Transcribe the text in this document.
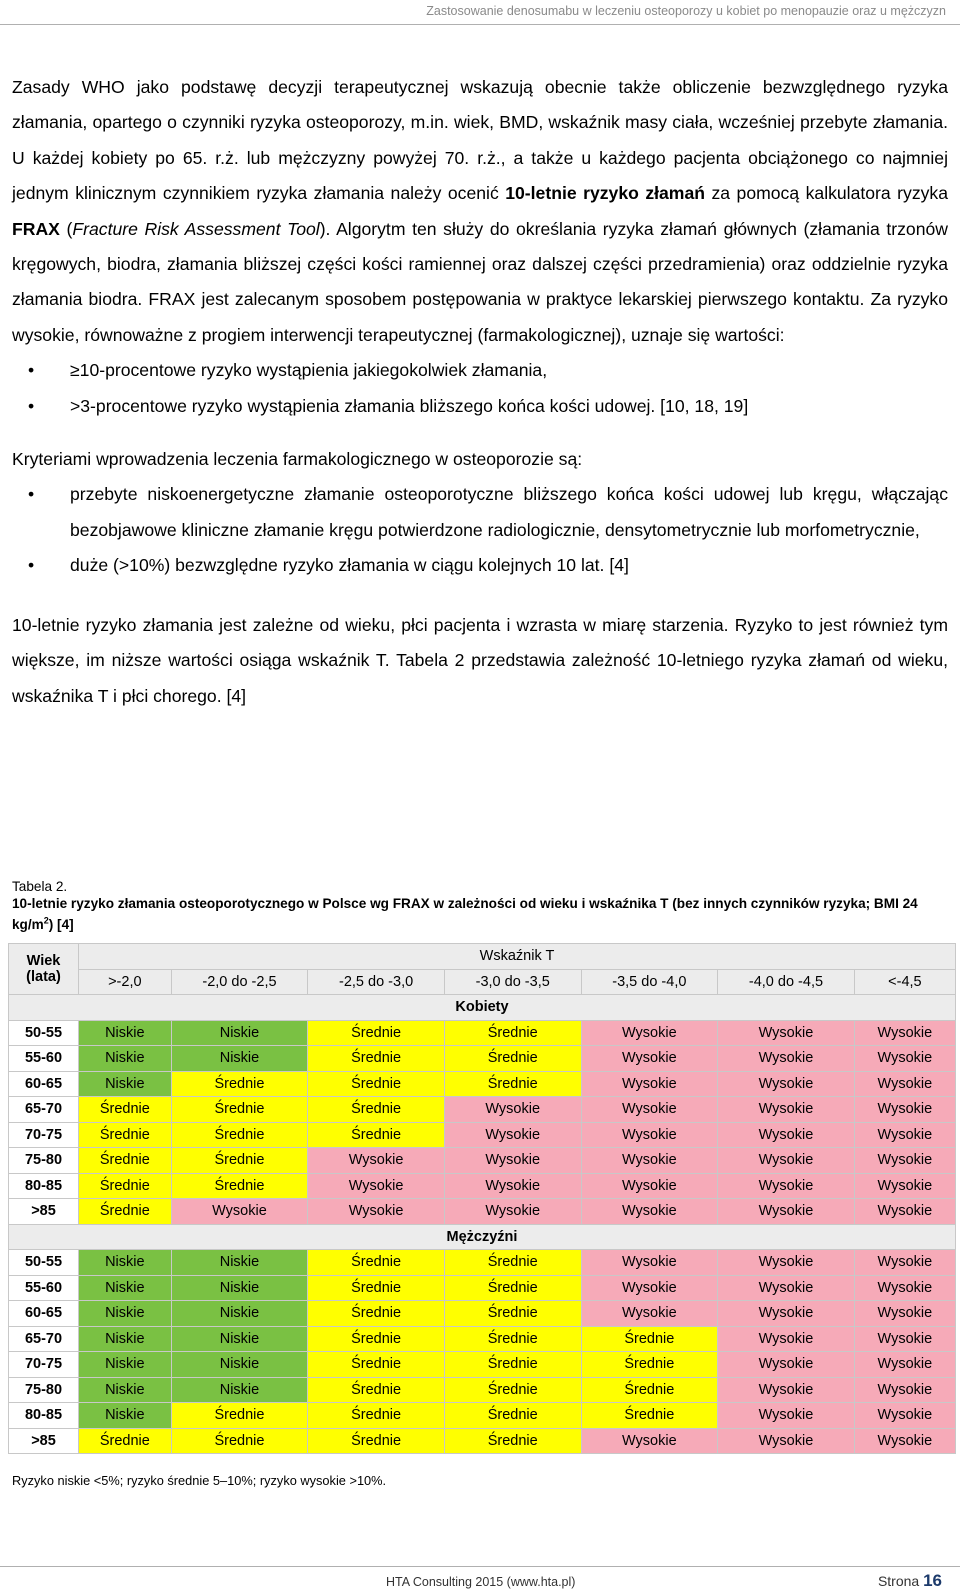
Zastosowanie denosumabu w leczeniu osteoporozy u kobiet po menopauzie oraz u mężczyzn

Zasady WHO jako podstawę decyzji terapeutycznej wskazują obecnie także obliczenie bezwzględnego ryzyka złamania, opartego o czynniki ryzyka osteoporozy, m.in. wiek, BMD, wskaźnik masy ciała, wcześniej przebyte złamania. U każdej kobiety po 65. r.ż. lub mężczyzny powyżej 70. r.ż., a także u każdego pacjenta obciążonego co najmniej jednym klinicznym czynnikiem ryzyka złamania należy ocenić 10-letnie ryzyko złamań za pomocą kalkulatora ryzyka FRAX (Fracture Risk Assessment Tool). Algorytm ten służy do określania ryzyka złamań głównych (złamania trzonów kręgowych, biodra, złamania bliższej części kości ramiennej oraz dalszej części przedramienia) oraz oddzielnie ryzyka złamania biodra. FRAX jest zalecanym sposobem postępowania w praktyce lekarskiej pierwszego kontaktu. Za ryzyko wysokie, równoważne z progiem interwencji terapeutycznej (farmakologicznej), uznaje się wartości:

• ≥10-procentowe ryzyko wystąpienia jakiegokolwiek złamania,
• >3-procentowe ryzyko wystąpienia złamania bliższego końca kości udowej. [10, 18, 19]

Kryteriami wprowadzenia leczenia farmakologicznego w osteoporozie są:

• przebyte niskoenergetyczne złamanie osteoporotyczne bliższego końca kości udowej lub kręgu, włączając bezobjawowe kliniczne złamanie kręgu potwierdzone radiologicznie, densytometrycznie lub morfometrycznie,
• duże (>10%) bezwzględne ryzyko złamania w ciągu kolejnych 10 lat. [4]

10-letnie ryzyko złamania jest zależne od wieku, płci pacjenta i wzrasta w miarę starzenia. Ryzyko to jest również tym większe, im niższe wartości osiąga wskaźnik T. Tabela 2 przedstawia zależność 10-letniego ryzyka złamań od wieku, wskaźnika T i płci chorego. [4]

Tabela 2.
10-letnie ryzyko złamania osteoporotycznego w Polsce wg FRAX w zależności od wieku i wskaźnika T (bez innych czynników ryzyka; BMI 24 $kg/m^2$) [4]
Wiek (lata)	Wskaźnik T						
	>-2,0	-2,0 do -2,5	-2,5 do -3,0	-3,0 do -3,5	-3,5 do -4,0	-4,0 do -4,5	<-4,5
Kobiety							
50-55	Niskie	Niskie	Średnie	Średnie	Wysokie	Wysokie	Wysokie
55-60	Niskie	Niskie	Średnie	Średnie	Wysokie	Wysokie	Wysokie
60-65	Niskie	Średnie	Średnie	Średnie	Wysokie	Wysokie	Wysokie
65-70	Średnie	Średnie	Średnie	Wysokie	Wysokie	Wysokie	Wysokie
70-75	Średnie	Średnie	Średnie	Wysokie	Wysokie	Wysokie	Wysokie
75-80	Średnie	Średnie	Wysokie	Wysokie	Wysokie	Wysokie	Wysokie
80-85	Średnie	Średnie	Wysokie	Wysokie	Wysokie	Wysokie	Wysokie
>85	Średnie	Wysokie	Wysokie	Wysokie	Wysokie	Wysokie	Wysokie
Mężczyźni							
50-55	Niskie	Niskie	Średnie	Średnie	Wysokie	Wysokie	Wysokie
55-60	Niskie	Niskie	Średnie	Średnie	Wysokie	Wysokie	Wysokie
60-65	Niskie	Niskie	Średnie	Średnie	Wysokie	Wysokie	Wysokie
65-70	Niskie	Niskie	Średnie	Średnie	Średnie	Wysokie	Wysokie
70-75	Niskie	Niskie	Średnie	Średnie	Średnie	Wysokie	Wysokie
75-80	Niskie	Niskie	Średnie	Średnie	Średnie	Wysokie	Wysokie
80-85	Niskie	Średnie	Średnie	Średnie	Średnie	Wysokie	Wysokie
>85	Średnie	Średnie	Średnie	Średnie	Wysokie	Wysokie	Wysokie
Ryzyko niskie <5%; ryzyko średnie 5–10%; ryzyko wysokie >10%.
HTA Consulting 2015 (www.hta.pl)	Strona 16
